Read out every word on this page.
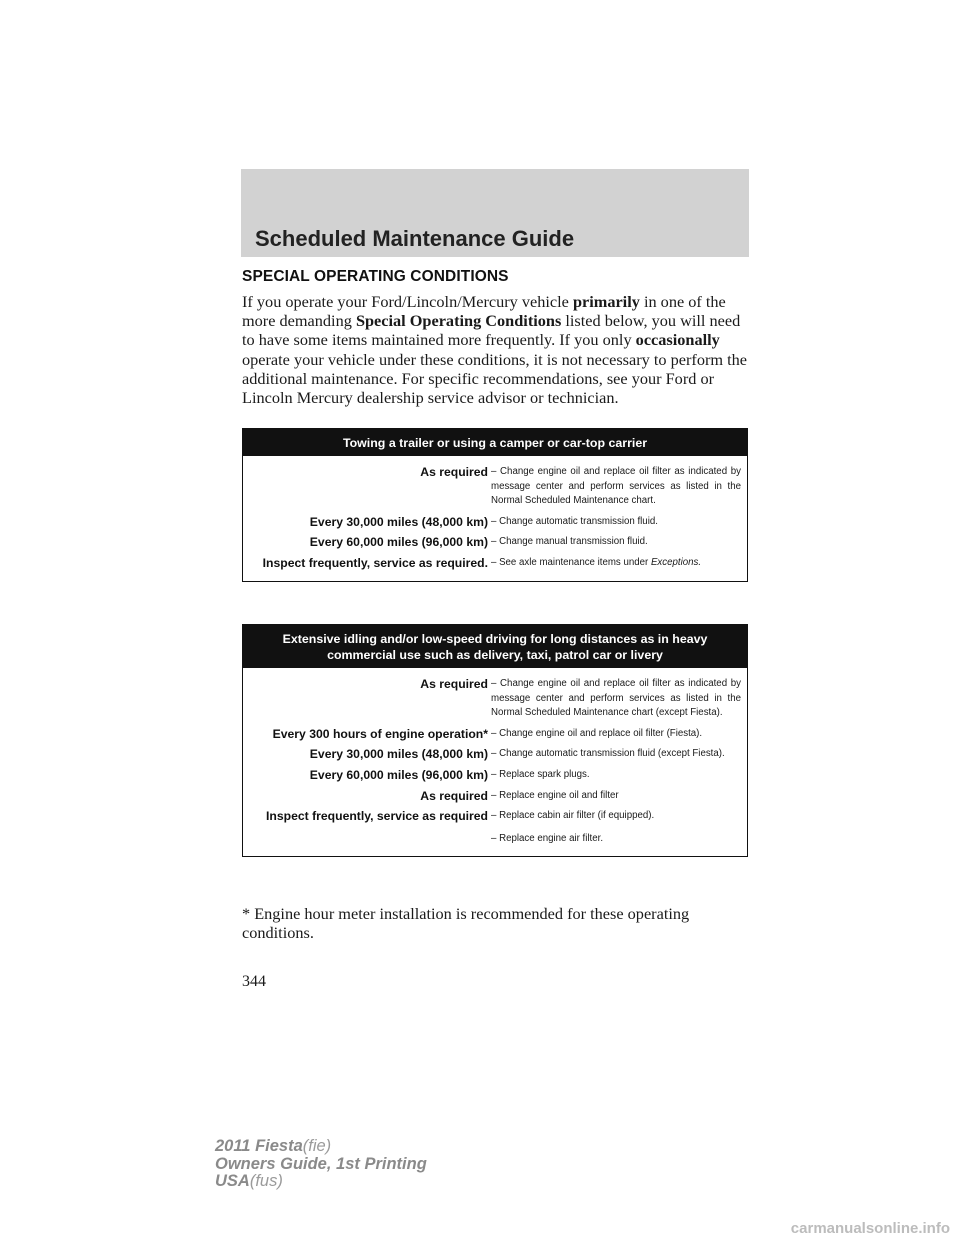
Scheduled Maintenance Guide
SPECIAL OPERATING CONDITIONS
If you operate your Ford/Lincoln/Mercury vehicle primarily in one of the more demanding Special Operating Conditions listed below, you will need to have some items maintained more frequently. If you only occasionally operate your vehicle under these conditions, it is not necessary to perform the additional maintenance. For specific recommendations, see your Ford or Lincoln Mercury dealership service advisor or technician.
Towing a trailer or using a camper or car-top carrier
As required – Change engine oil and replace oil filter as indicated by message center and perform services as listed in the Normal Scheduled Maintenance chart.
Every 30,000 miles (48,000 km) – Change automatic transmission fluid.
Every 60,000 miles (96,000 km) – Change manual transmission fluid.
Inspect frequently, service as required. – See axle maintenance items under Exceptions.
Extensive idling and/or low-speed driving for long distances as in heavy commercial use such as delivery, taxi, patrol car or livery
As required – Change engine oil and replace oil filter as indicated by message center and perform services as listed in the Normal Scheduled Maintenance chart (except Fiesta).
Every 300 hours of engine operation* – Change engine oil and replace oil filter (Fiesta).
Every 30,000 miles (48,000 km) – Change automatic transmission fluid (except Fiesta).
Every 60,000 miles (96,000 km) – Replace spark plugs.
As required – Replace engine oil and filter
Inspect frequently, service as required – Replace cabin air filter (if equipped).
– Replace engine air filter.
* Engine hour meter installation is recommended for these operating conditions.
344
2011 Fiesta(fie)
Owners Guide, 1st Printing
USA(fus)
carmanualsonline.info
